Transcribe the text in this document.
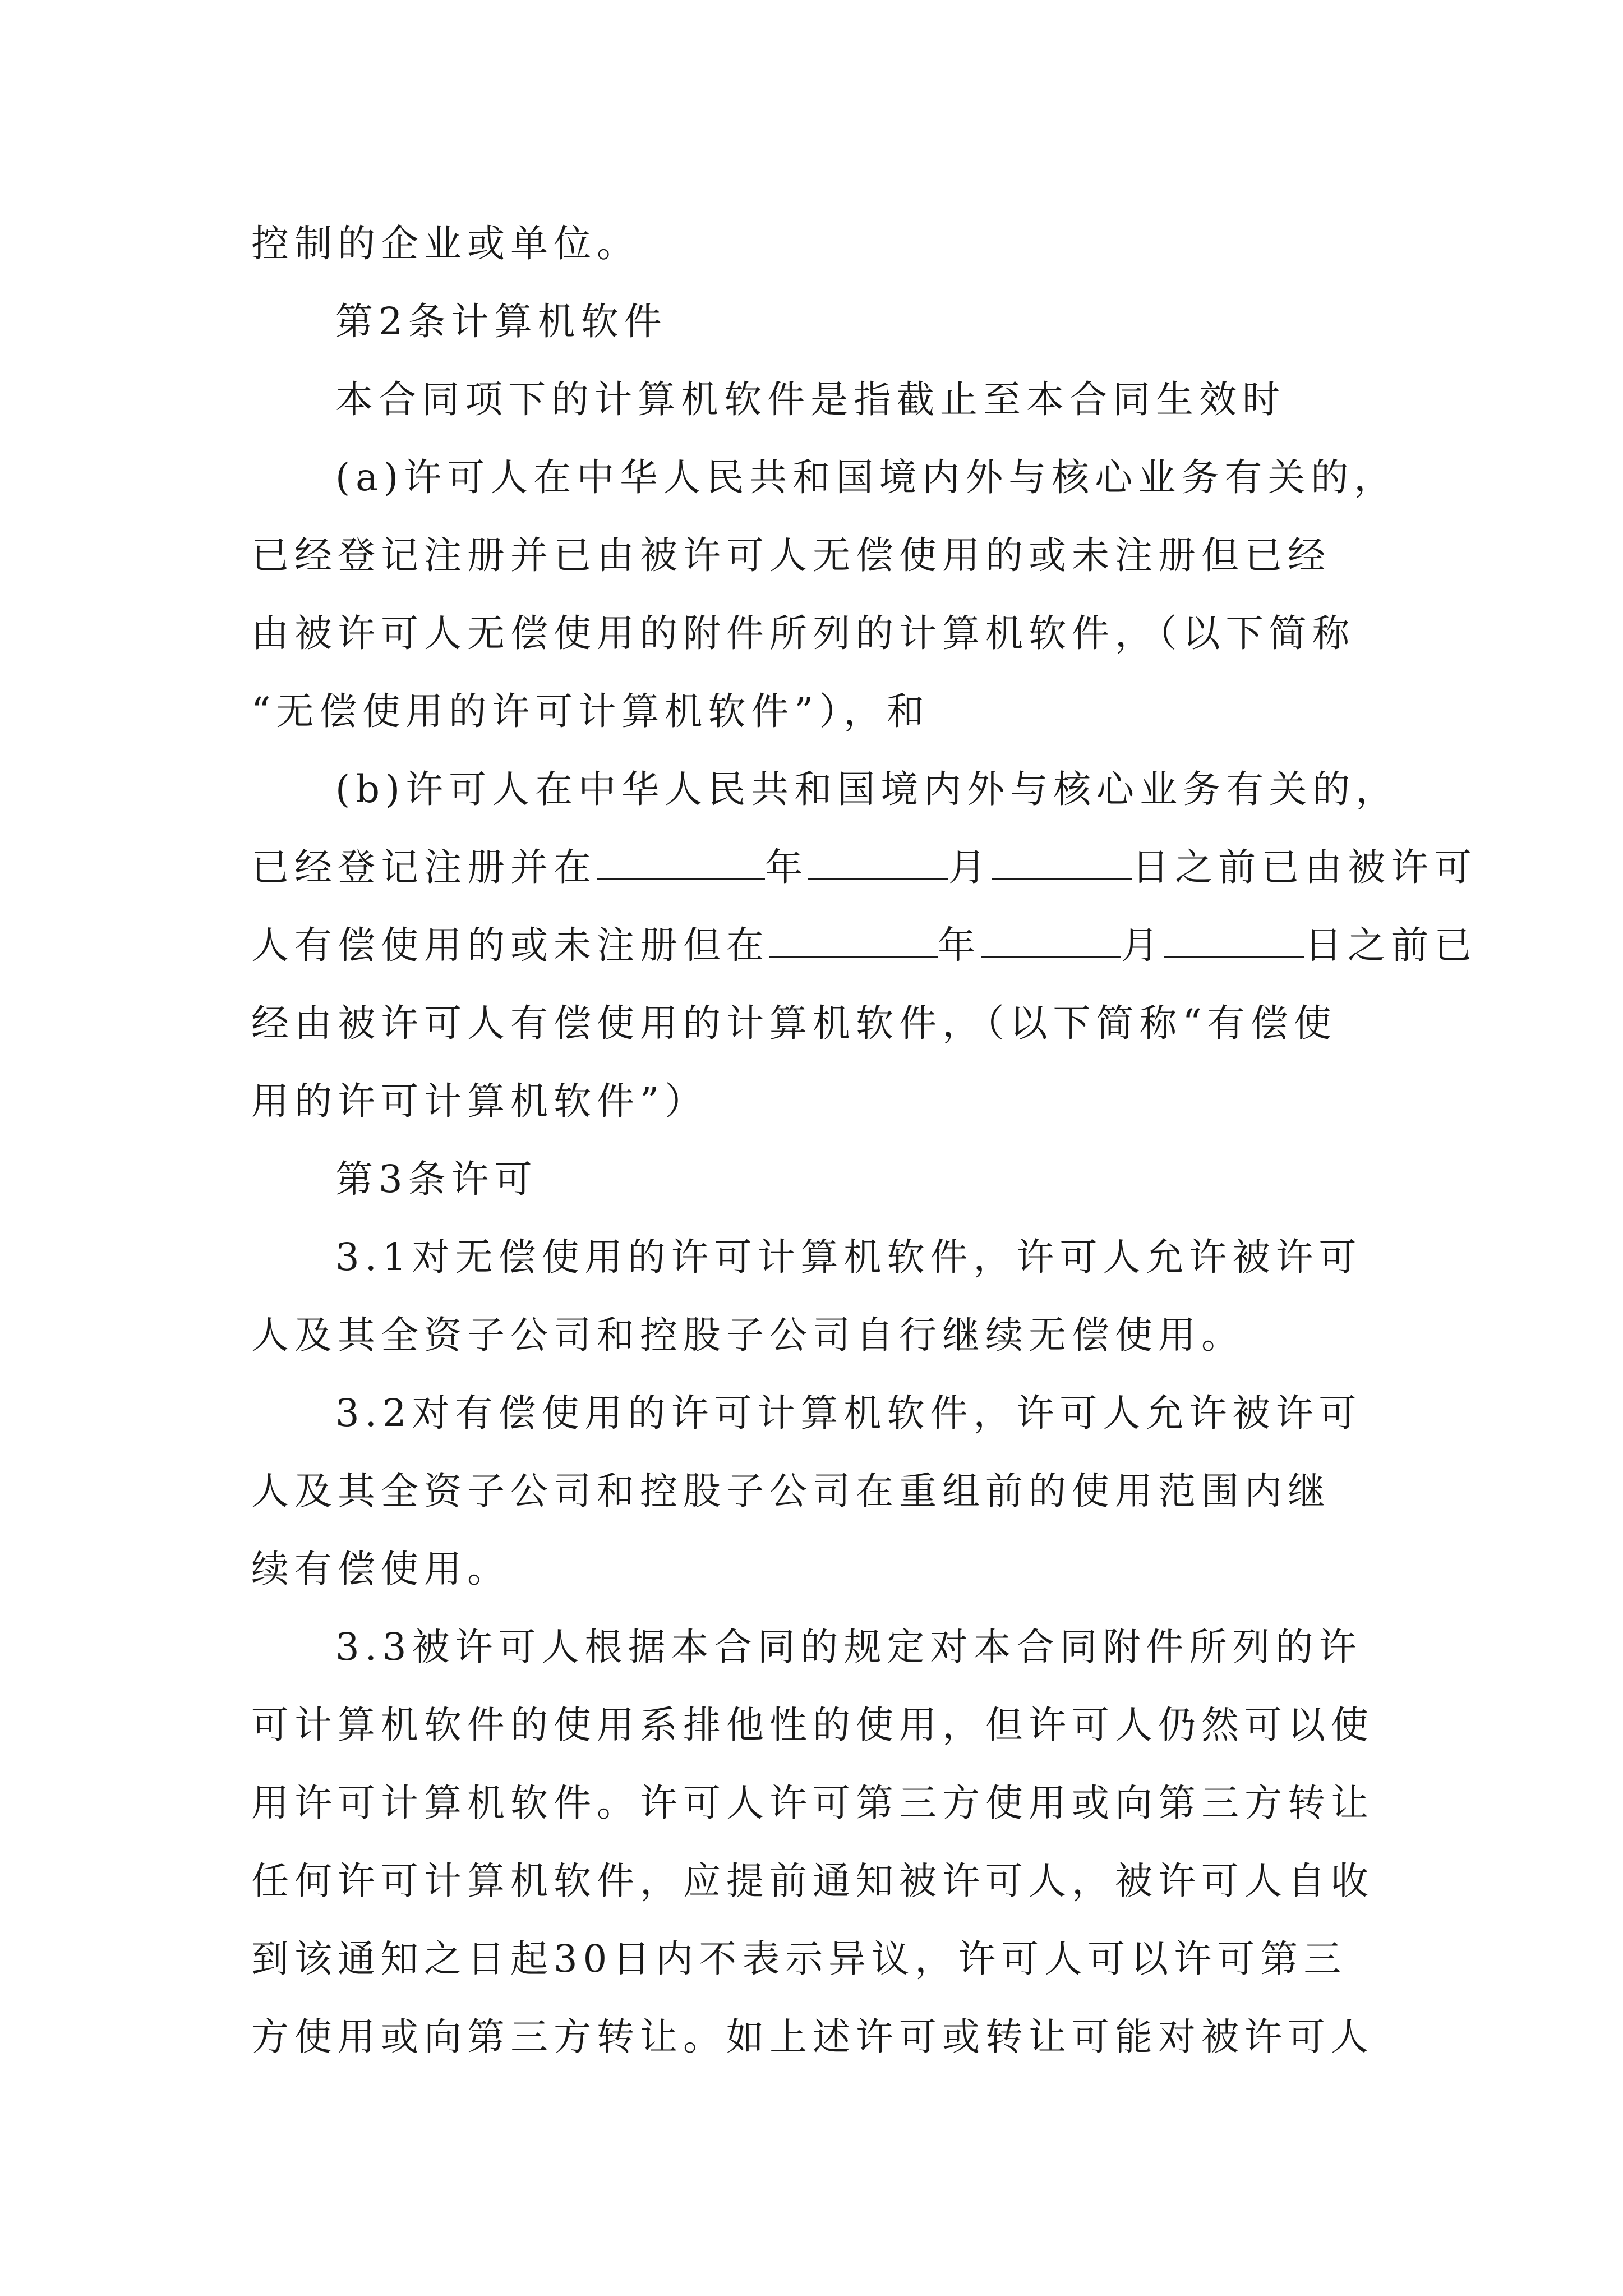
控制的企业或单位。
第2条计算机软件
本合同项下的计算机软件是指截止至本合同生效时
(a)许可人在中华人民共和国境内外与核心业务有关的，
已经登记注册并已由被许可人无偿使用的或未注册但已经
由被许可人无偿使用的附件所列的计算机软件，（以下简称
“无偿使用的许可计算机软件”），和
(b)许可人在中华人民共和国境内外与核心业务有关的，
已经登记注册并在	年	月	日之前已由被许可
人有偿使用的或未注册但在	年	月	日之前已
经由被许可人有偿使用的计算机软件，（以下简称“有偿使
用的许可计算机软件”）
第3条许可
3.1对无偿使用的许可计算机软件，许可人允许被许可
人及其全资子公司和控股子公司自行继续无偿使用。
3.2对有偿使用的许可计算机软件，许可人允许被许可
人及其全资子公司和控股子公司在重组前的使用范围内继
续有偿使用。
3.3被许可人根据本合同的规定对本合同附件所列的许
可计算机软件的使用系排他性的使用，但许可人仍然可以使
用许可计算机软件。许可人许可第三方使用或向第三方转让
任何许可计算机软件，应提前通知被许可人，被许可人自收
到该通知之日起30日内不表示异议，许可人可以许可第三
方使用或向第三方转让。如上述许可或转让可能对被许可人
